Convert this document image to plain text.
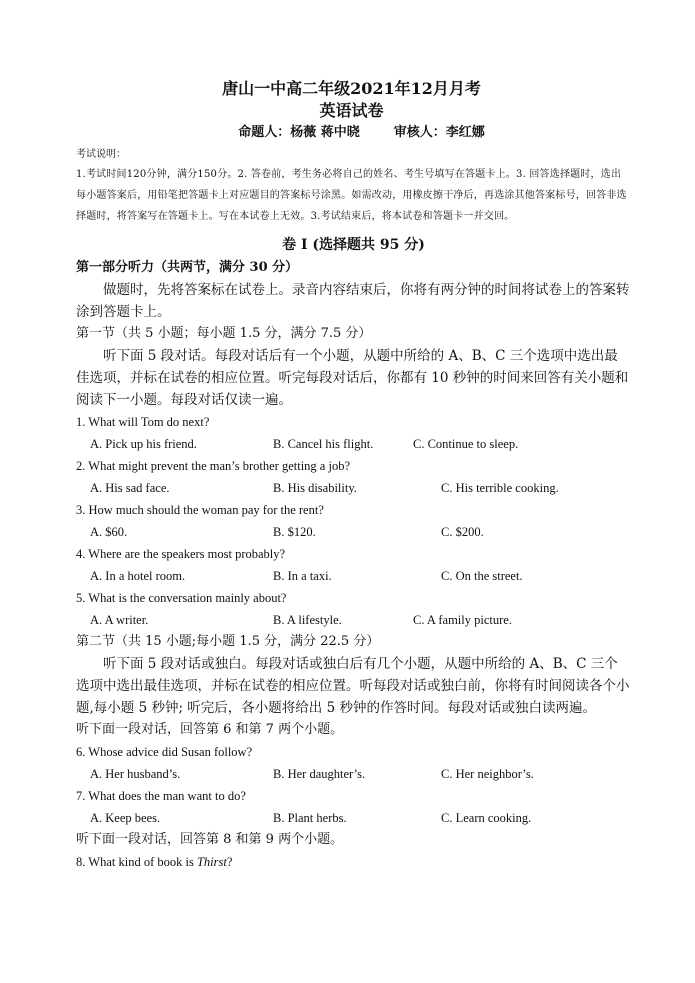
唐山一中高二年级2021年12月月考
英语试卷
命题人：杨薇 蒋中晓	审核人：李红娜
考试说明：
1.考试时间120分钟，满分150分。2. 答卷前，考生务必将自己的姓名、考生号填写在答题卡上。3. 回答选择题时，选出每小题答案后，用铅笔把答题卡上对应题目的答案标号涂黑。如需改动，用橡皮擦干净后，再选涂其他答案标号，回答非选择题时，将答案写在答题卡上。写在本试卷上无效。3.考试结束后，将本试卷和答题卡一并交回。
卷 I (选择题共 95 分)
第一部分听力（共两节，满分 30 分）
做题时，先将答案标在试卷上。录音内容结束后，你将有两分钟的时间将试卷上的答案转涂到答题卡上。
第一节（共 5 小题；每小题 1.5 分，满分 7.5 分）
听下面 5 段对话。每段对话后有一个小题，从题中所给的 A、B、C 三个选项中选出最佳选项，并标在试卷的相应位置。听完每段对话后，你都有 10 秒钟的时间来回答有关小题和阅读下一小题。每段对话仅读一遍。
1. What will Tom do next?
A. Pick up his friend.	B. Cancel his flight.	C. Continue to sleep.
2. What might prevent the man’s brother getting a job?
A. His sad face.	B. His disability.	C. His terrible cooking.
3. How much should the woman pay for the rent?
A. $60.	B. $120.	C. $200.
4. Where are the speakers most probably?
A. In a hotel room.	B. In a taxi.	C. On the street.
5. What is the conversation mainly about?
A. A writer.	B. A lifestyle.	C. A family picture.
第二节（共 15 小题;每小题 1.5 分，满分 22.5 分）
听下面 5 段对话或独白。每段对话或独白后有几个小题，从题中所给的 A、B、C 三个选项中选出最佳选项，并标在试卷的相应位置。听每段对话或独白前，你将有时间阅读各个小题,每小题 5 秒钟; 听完后，各小题将给出 5 秒钟的作答时间。每段对话或独白读两遍。
听下面一段对话，回答第 6 和第 7 两个小题。
6. Whose advice did Susan follow?
A. Her husband’s.	B. Her daughter’s.	C. Her neighbor’s.
7. What does the man want to do?
A. Keep bees.	B. Plant herbs.	C. Learn cooking.
听下面一段对话，回答第 8 和第 9 两个小题。
8. What kind of book is Thirst?
